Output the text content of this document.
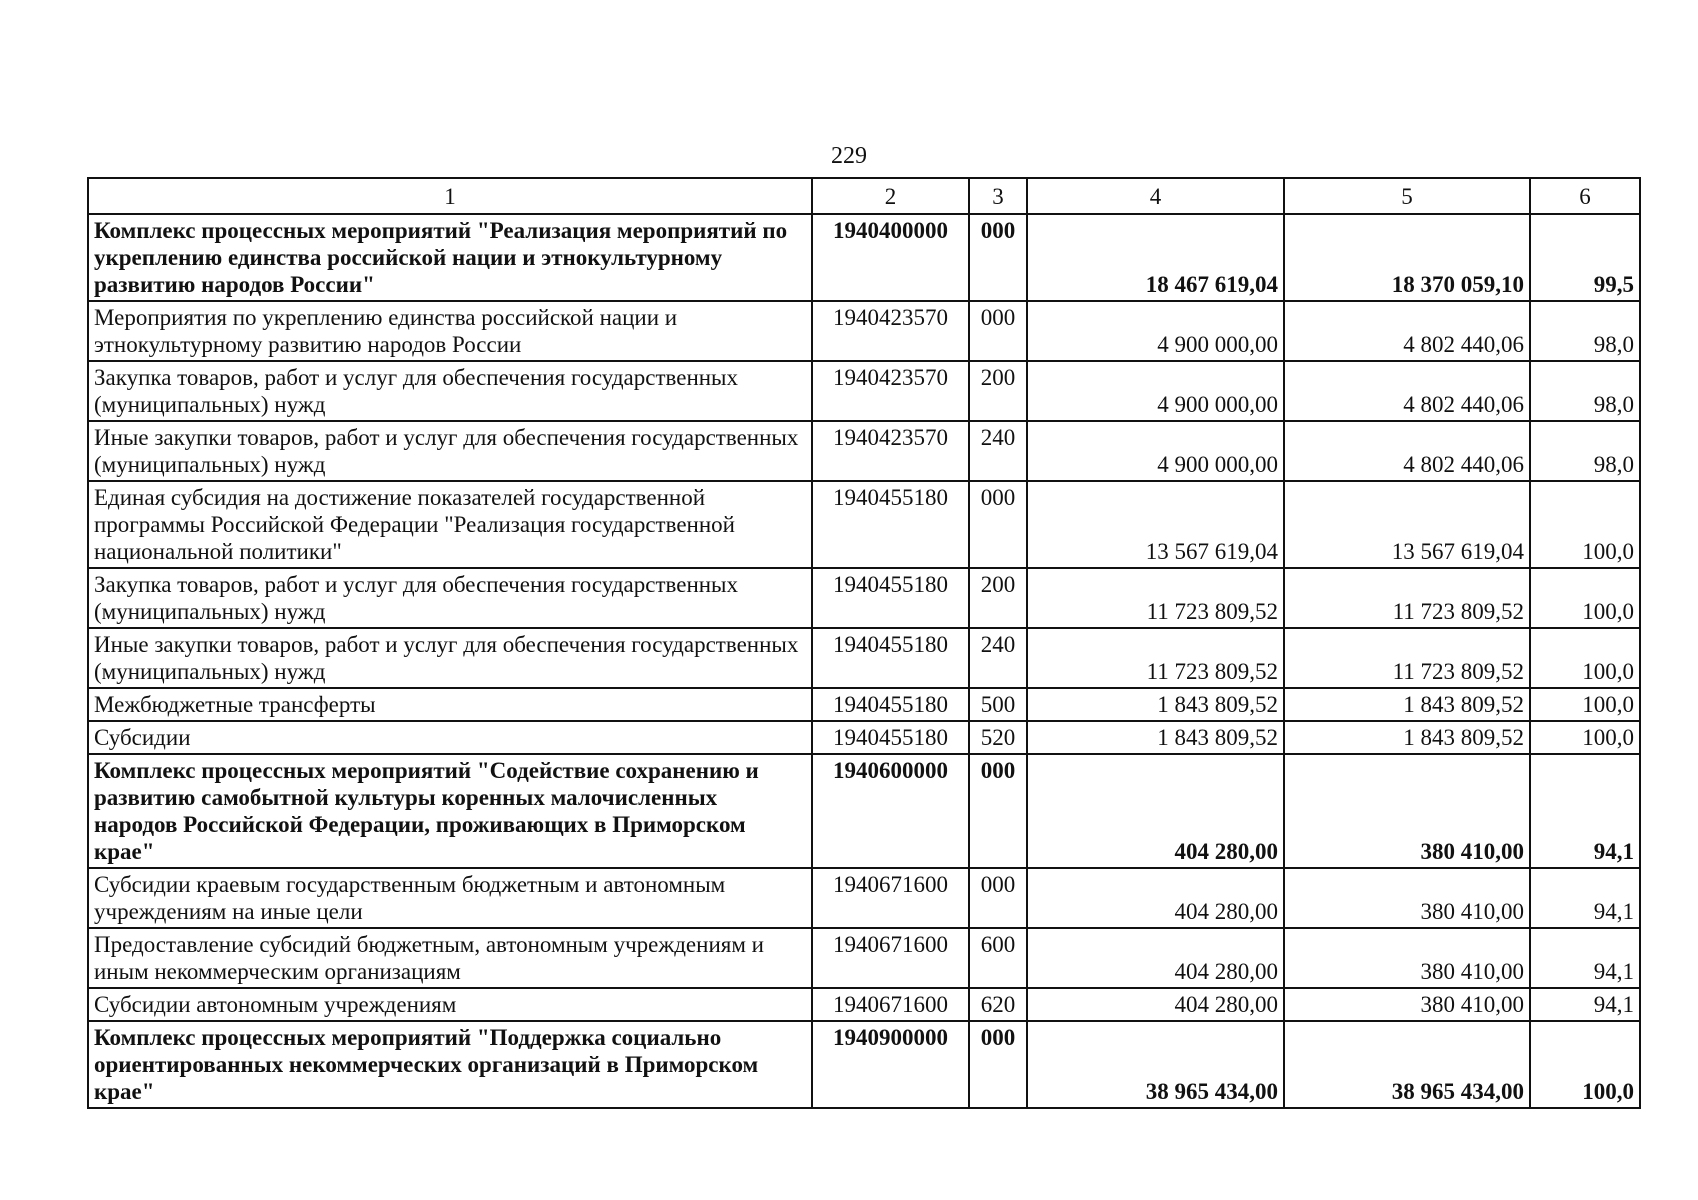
229
1	2	3	4	5	6
Комплекс процессных мероприятий "Реализация мероприятий по укреплению единства российской нации и этнокультурному развитию народов России"	1940400000	000	18 467 619,04	18 370 059,10	99,5
Мероприятия по укреплению единства российской нации и этнокультурному развитию народов России	1940423570	000	4 900 000,00	4 802 440,06	98,0
Закупка товаров, работ и услуг для обеспечения государственных (муниципальных) нужд	1940423570	200	4 900 000,00	4 802 440,06	98,0
Иные закупки товаров, работ и услуг для обеспечения государственных (муниципальных) нужд	1940423570	240	4 900 000,00	4 802 440,06	98,0
Единая субсидия на достижение показателей государственной программы Российской Федерации "Реализация государственной национальной политики"	1940455180	000	13 567 619,04	13 567 619,04	100,0
Закупка товаров, работ и услуг для обеспечения государственных (муниципальных) нужд	1940455180	200	11 723 809,52	11 723 809,52	100,0
Иные закупки товаров, работ и услуг для обеспечения государственных (муниципальных) нужд	1940455180	240	11 723 809,52	11 723 809,52	100,0
Межбюджетные трансферты	1940455180	500	1 843 809,52	1 843 809,52	100,0
Субсидии	1940455180	520	1 843 809,52	1 843 809,52	100,0
Комплекс процессных мероприятий "Содействие сохранению и развитию самобытной культуры коренных малочисленных народов Российской Федерации, проживающих в Приморском крае"	1940600000	000	404 280,00	380 410,00	94,1
Субсидии краевым государственным бюджетным и автономным учреждениям на иные цели	1940671600	000	404 280,00	380 410,00	94,1
Предоставление субсидий бюджетным, автономным учреждениям и иным некоммерческим организациям	1940671600	600	404 280,00	380 410,00	94,1
Субсидии автономным учреждениям	1940671600	620	404 280,00	380 410,00	94,1
Комплекс процессных мероприятий "Поддержка социально ориентированных некоммерческих организаций в Приморском крае"	1940900000	000	38 965 434,00	38 965 434,00	100,0
